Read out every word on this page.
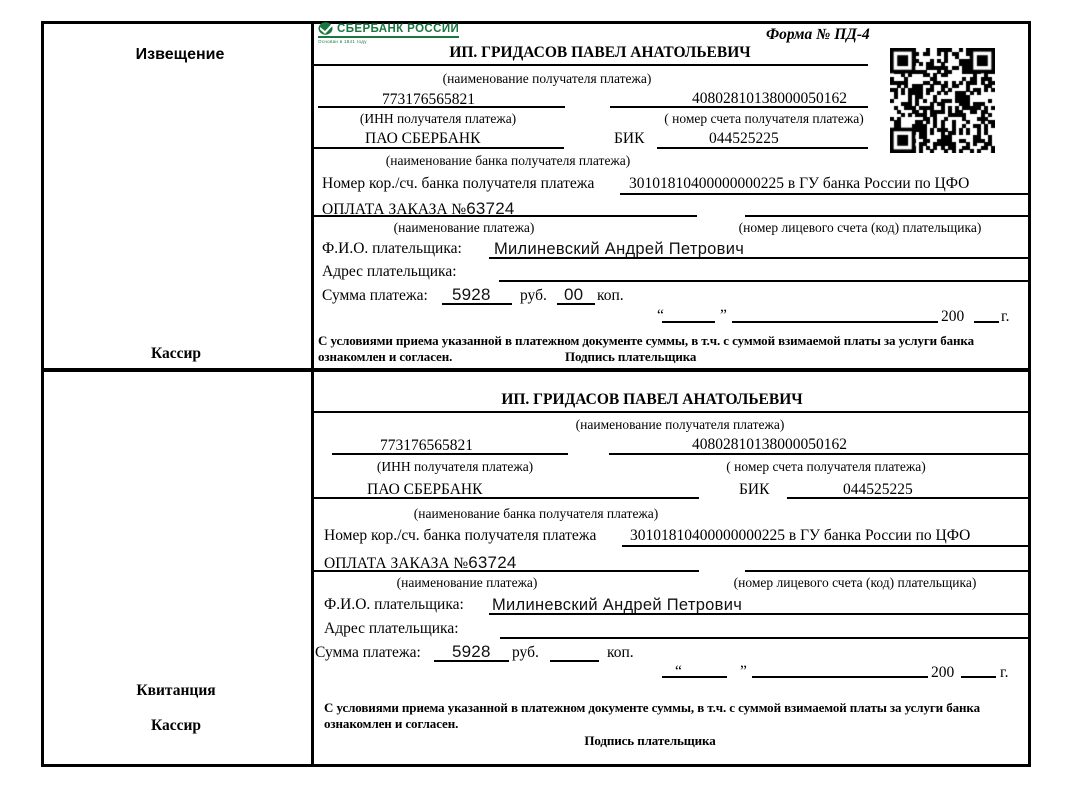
Извещение
Кассир
Квитанция
Кассир
СБЕРБАНК РОССИИ
Основан в 1841 году	Форма № ПД-4
ИП. ГРИДАСОВ ПАВЕЛ АНАТОЛЬЕВИЧ
(наименование получателя платежа)
773176565821	40802810138000050162
(ИНН получателя платежа)	( номер счета получателя платежа)
ПАО СБЕРБАНК	БИК	044525225
(наименование банка получателя платежа)
Номер кор./сч. банка получателя платежа 30101810400000000225 в ГУ банка России по ЦФО
ОПЛАТА ЗАКАЗА №63724
(наименование платежа)	(номер лицевого счета (код) плательщика)
Ф.И.О. плательщика: Милиневский Андрей Петрович
Адрес плательщика:
Сумма платежа: 5928 руб. 00 коп.
“	”	200 г.
С условиями приема указанной в платежном документе суммы, в т.ч. с суммой взимаемой платы за услуги банка
ознакомлен и согласен.	Подпись плательщика
ИП. ГРИДАСОВ ПАВЕЛ АНАТОЛЬЕВИЧ
(наименование получателя платежа)
773176565821	40802810138000050162
(ИНН получателя платежа)	( номер счета получателя платежа)
ПАО СБЕРБАНК	БИК	044525225
(наименование банка получателя платежа)
Номер кор./сч. банка получателя платежа 30101810400000000225 в ГУ банка России по ЦФО
ОПЛАТА ЗАКАЗА №63724
(наименование платежа)	(номер лицевого счета (код) плательщика)
Ф.И.О. плательщика: Милиневский Андрей Петрович
Адрес плательщика:
Сумма платежа: 5928 руб.	коп.
“	”	200	г.
С условиями приема указанной в платежном документе суммы, в т.ч. с суммой взимаемой платы за услуги банка
ознакомлен и согласен.
Подпись плательщика
